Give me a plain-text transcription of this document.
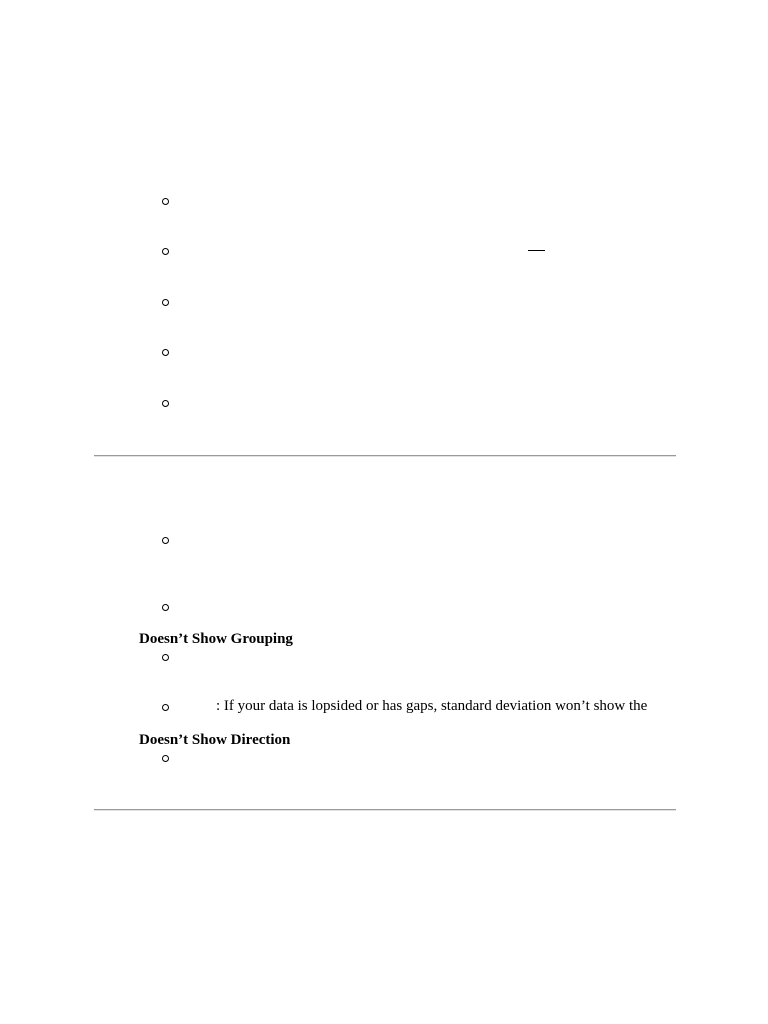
Doesn’t Show Grouping
: If your data is lopsided or has gaps, standard deviation won’t show the
Doesn’t Show Direction
